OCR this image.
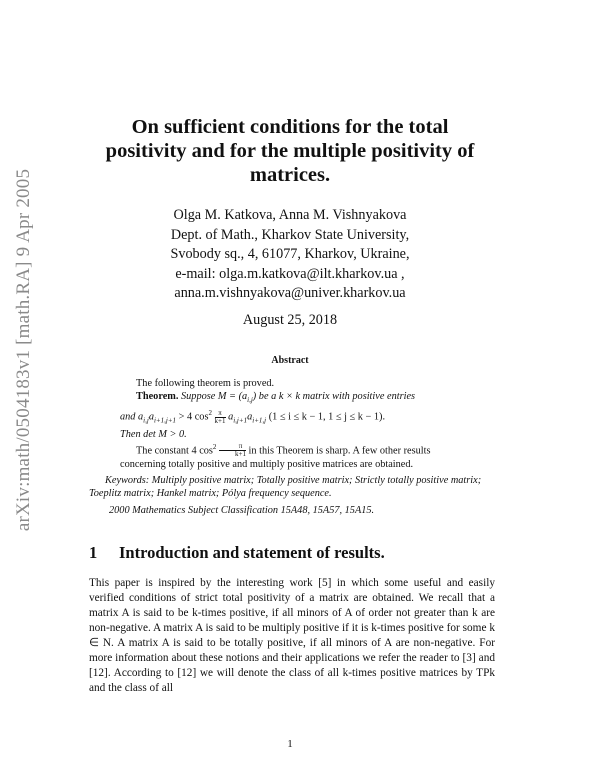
arXiv:math/0504183v1 [math.RA] 9 Apr 2005
On sufficient conditions for the total positivity and for the multiple positivity of matrices.
Olga M. Katkova, Anna M. Vishnyakova
Dept. of Math., Kharkov State University,
Svobody sq., 4, 61077, Kharkov, Ukraine,
e-mail: olga.m.katkova@ilt.kharkov.ua ,
anna.m.vishnyakova@univer.kharkov.ua
August 25, 2018
Abstract

The following theorem is proved.

Theorem. Suppose $M = (a_{i,j})$ be a k × k matrix with positive entries

and $a_{i,j}a_{i+1,j+1} > 4$ $\cos^2 \frac{\pi}{k+1} a_{i,j+1}a_{i+1,j}$ (1 ≤ i ≤ k − 1, 1 ≤ j ≤ k − 1).

Then det M > 0.

The constant 4 $\cos^2 \frac{\pi}{k+1}$ in this Theorem is sharp. A few other results concerning totally positive and multiply positive matrices are obtained.

Keywords: Multiply positive matrix; Totally positive matrix; Strictly totally positive matrix; Toeplitz matrix; Hankel matrix; Pólya frequency sequence.

2000 Mathematics Subject Classification 15A48, 15A57, 15A15.
1 Introduction and statement of results.

This paper is inspired by the interesting work [5] in which some useful and easily verified conditions of strict total positivity of a matrix are obtained. We recall that a matrix A is said to be k-times positive, if all minors of A of order not greater than k are non-negative. A matrix A is said to be multiply positive if it is k-times positive for some k ∈ N. A matrix A is said to be totally positive, if all minors of A are non-negative. For more information about these notions and their applications we refer the reader to [3] and [12]. According to [12] we will denote the class of all k-times positive matrices by TPk and the class of all

1
